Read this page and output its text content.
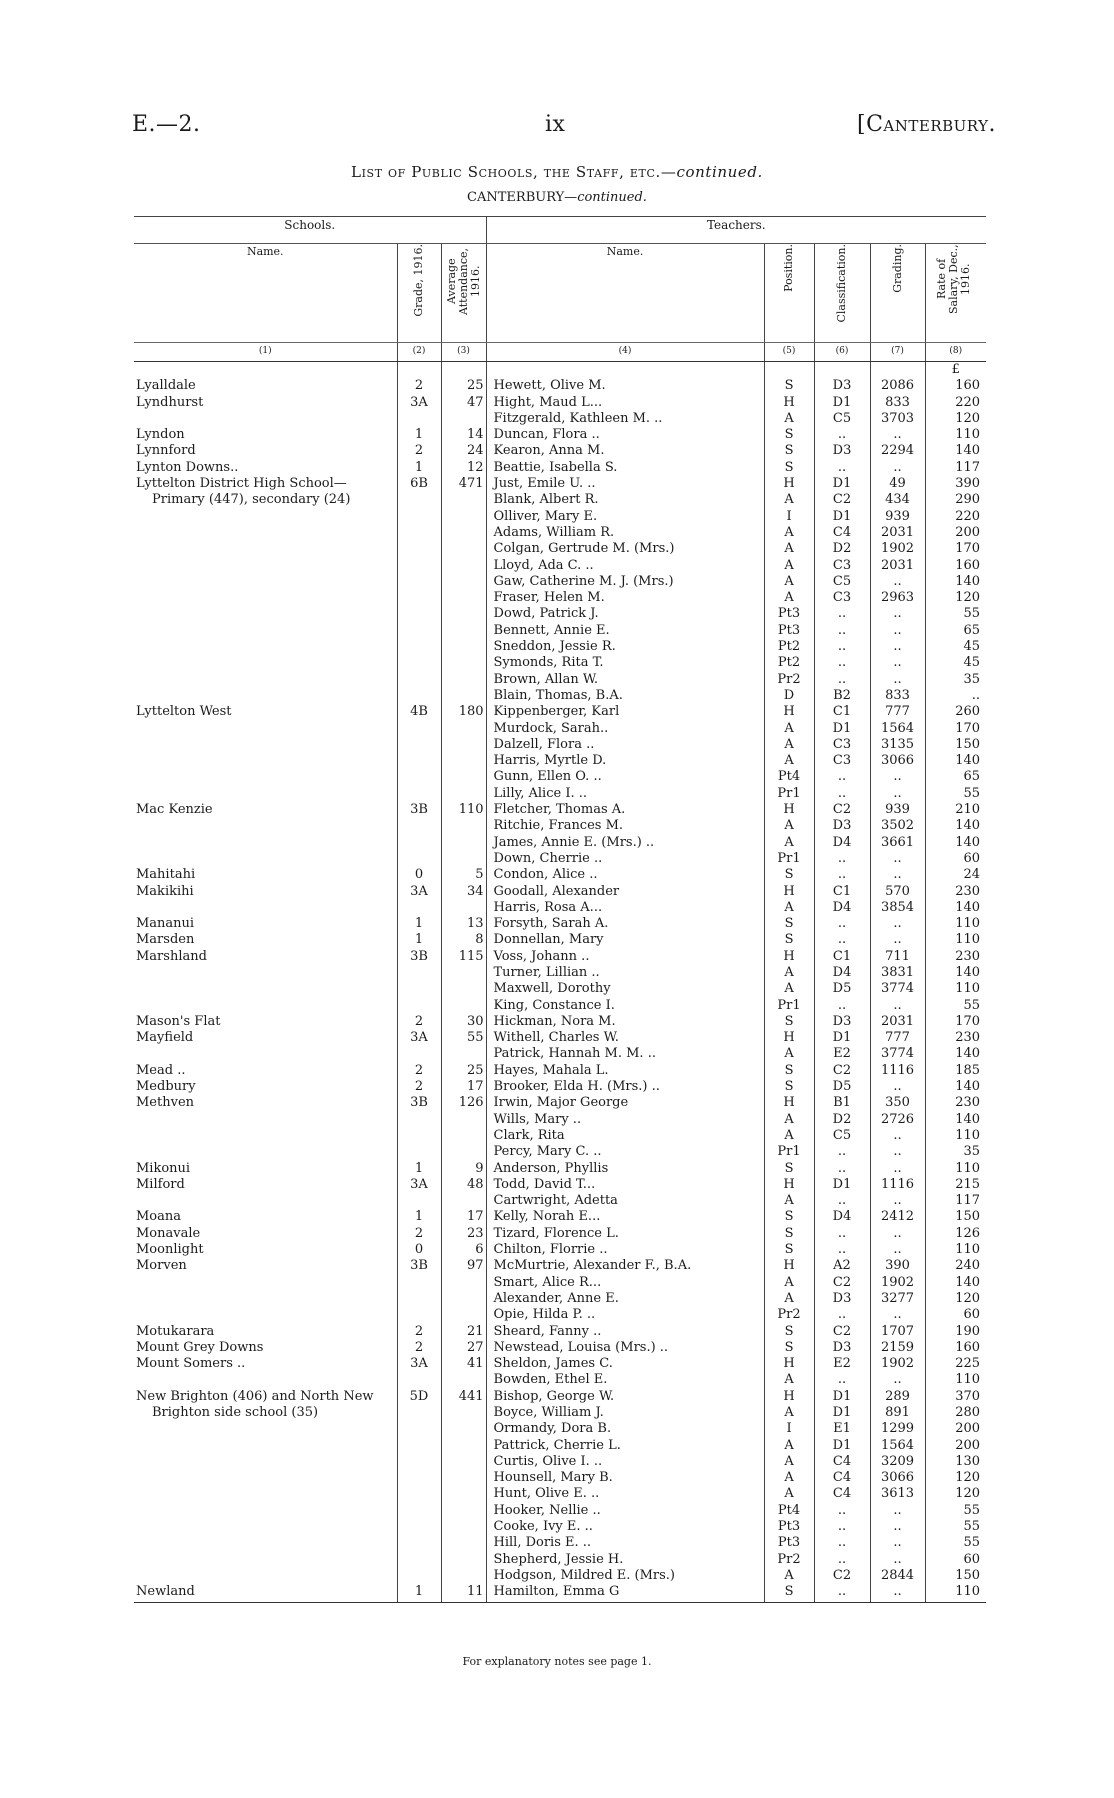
E.—2.	ix	[Canterbury.
List of Public Schools, the Staff, etc.—continued.
CANTERBURY—continued.
Schools.			Teachers.				
Name.	Grade, 1916.	Average Attendance, 1916.	Name.	Position.	Classification.	Grading.	Rate of Salary, Dec., 1916.
(1)	(2)	(3)	(4)	(5)	(6)	(7)	(8)
							£
Lyalldale	2	25	Hewett, Olive M.	S	D3	2086	160
Lyndhurst	3A	47	Hight, Maud L...	H	D1	833	220
			Fitzgerald, Kathleen M. ..	A	C5	3703	120
Lyndon	1	14	Duncan, Flora ..	S	..	..	110
Lynnford	2	24	Kearon, Anna M.	S	D3	2294	140
Lynton Downs..	1	12	Beattie, Isabella S.	S	..	..	117
Lyttelton District High School—	6B	471	Just, Emile U. ..	H	D1	49	390
Primary (447), secondary (24)			Blank, Albert R.	A	C2	434	290
			Olliver, Mary E.	I	D1	939	220
			Adams, William R.	A	C4	2031	200
			Colgan, Gertrude M. (Mrs.)	A	D2	1902	170
			Lloyd, Ada C. ..	A	C3	2031	160
			Gaw, Catherine M. J. (Mrs.)	A	C5	..	140
			Fraser, Helen M.	A	C3	2963	120
			Dowd, Patrick J.	Pt3	..	..	55
			Bennett, Annie E.	Pt3	..	..	65
			Sneddon, Jessie R.	Pt2	..	..	45
			Symonds, Rita T.	Pt2	..	..	45
			Brown, Allan W.	Pr2	..	..	35
			Blain, Thomas, B.A.	D	B2	833	..
Lyttelton West	4B	180	Kippenberger, Karl	H	C1	777	260
			Murdock, Sarah..	A	D1	1564	170
			Dalzell, Flora ..	A	C3	3135	150
			Harris, Myrtle D.	A	C3	3066	140
			Gunn, Ellen O. ..	Pt4	..	..	65
			Lilly, Alice I. ..	Pr1	..	..	55
Mac Kenzie	3B	110	Fletcher, Thomas A.	H	C2	939	210
			Ritchie, Frances M.	A	D3	3502	140
			James, Annie E. (Mrs.) ..	A	D4	3661	140
			Down, Cherrie ..	Pr1	..	..	60
Mahitahi	0	5	Condon, Alice ..	S	..	..	24
Makikihi	3A	34	Goodall, Alexander	H	C1	570	230
			Harris, Rosa A...	A	D4	3854	140
Mananui	1	13	Forsyth, Sarah A.	S	..	..	110
Marsden	1	8	Donnellan, Mary	S	..	..	110
Marshland	3B	115	Voss, Johann ..	H	C1	711	230
			Turner, Lillian ..	A	D4	3831	140
			Maxwell, Dorothy	A	D5	3774	110
			King, Constance I.	Pr1	..	..	55
Mason's Flat	2	30	Hickman, Nora M.	S	D3	2031	170
Mayfield	3A	55	Withell, Charles W.	H	D1	777	230
			Patrick, Hannah M. M. ..	A	E2	3774	140
Mead ..	2	25	Hayes, Mahala L.	S	C2	1116	185
Medbury	2	17	Brooker, Elda H. (Mrs.) ..	S	D5	..	140
Methven	3B	126	Irwin, Major George	H	B1	350	230
			Wills, Mary ..	A	D2	2726	140
			Clark, Rita	A	C5	..	110
			Percy, Mary C. ..	Pr1	..	..	35
Mikonui	1	9	Anderson, Phyllis	S	..	..	110
Milford	3A	48	Todd, David T...	H	D1	1116	215
			Cartwright, Adetta	A	..	..	117
Moana	1	17	Kelly, Norah E...	S	D4	2412	150
Monavale	2	23	Tizard, Florence L.	S	..	..	126
Moonlight	0	6	Chilton, Florrie ..	S	..	..	110
Morven	3B	97	McMurtrie, Alexander F., B.A.	H	A2	390	240
			Smart, Alice R...	A	C2	1902	140
			Alexander, Anne E.	A	D3	3277	120
			Opie, Hilda P. ..	Pr2	..	..	60
Motukarara	2	21	Sheard, Fanny ..	S	C2	1707	190
Mount Grey Downs	2	27	Newstead, Louisa (Mrs.) ..	S	D3	2159	160
Mount Somers ..	3A	41	Sheldon, James C.	H	E2	1902	225
			Bowden, Ethel E.	A	..	..	110
New Brighton (406) and North New	5D	441	Bishop, George W.	H	D1	289	370
Brighton side school (35)			Boyce, William J.	A	D1	891	280
			Ormandy, Dora B.	I	E1	1299	200
			Pattrick, Cherrie L.	A	D1	1564	200
			Curtis, Olive I. ..	A	C4	3209	130
			Hounsell, Mary B.	A	C4	3066	120
			Hunt, Olive E. ..	A	C4	3613	120
			Hooker, Nellie ..	Pt4	..	..	55
			Cooke, Ivy E. ..	Pt3	..	..	55
			Hill, Doris E. ..	Pt3	..	..	55
			Shepherd, Jessie H.	Pr2	..	..	60
			Hodgson, Mildred E. (Mrs.)	A	C2	2844	150
Newland	1	11	Hamilton, Emma G	S	..	..	110

For explanatory notes see page 1.
